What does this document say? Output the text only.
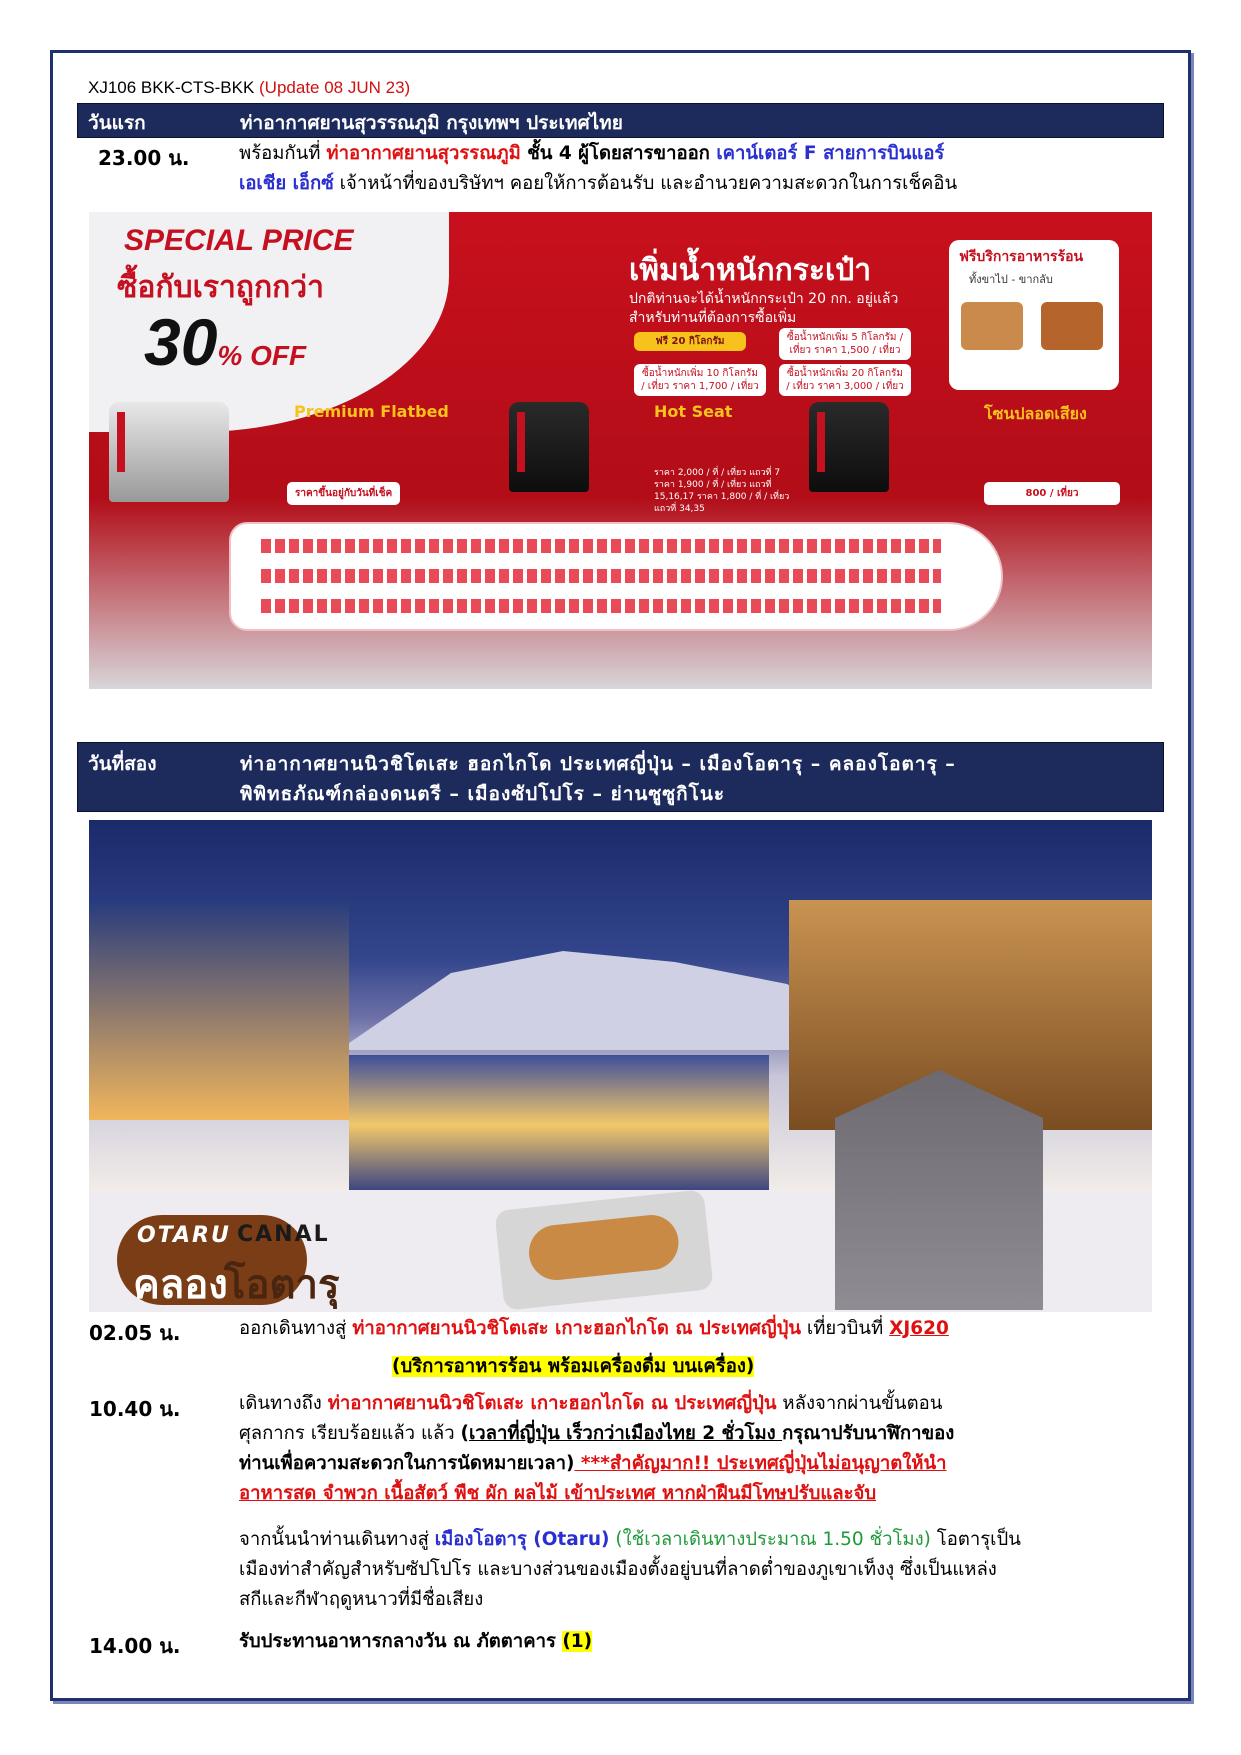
XJ106 BKK-CTS-BKK (Update 08 JUN 23)
วันแรก	ท่าอากาศยานสุวรรณภูมิ กรุงเทพฯ ประเทศไทย
23.00 น.	พร้อมกันที่ ท่าอากาศยานสุวรรณภูมิ ชั้น 4 ผู้โดยสารขาออก เคาน์เตอร์ F สายการบินแอร์
เอเชีย เอ็กซ์ เจ้าหน้าที่ของบริษัทฯ คอยให้การต้อนรับ และอำนวยความสะดวกในการเช็คอิน
SPECIAL PRICE
ซื้อกับเราถูกกว่า
30% OFF
เพิ่มน้ำหนักกระเป๋า
ปกติท่านจะได้น้ำหนักกระเป๋า 20 กก. อยู่แล้ว สำหรับท่านที่ต้องการซื้อเพิ่ม
ฟรี 20 กิโลกรัม	ซื้อน้ำหนักเพิ่ม 5 กิโลกรัม / เที่ยว ราคา 1,500 / เที่ยว
ซื้อน้ำหนักเพิ่ม 10 กิโลกรัม / เที่ยว ราคา 1,700 / เที่ยว
ซื้อน้ำหนักเพิ่ม 20 กิโลกรัม / เที่ยว ราคา 3,000 / เที่ยว
ฟรีบริการอาหารร้อน
ทั้งขาไป - ขากลับ
Premium Flatbed
ราคาขึ้นอยู่กับวันที่เช็ค
Hot Seat
ราคา 2,000 / ที่ / เที่ยว แถวที่ 7 ราคา 1,900 / ที่ / เที่ยว แถวที่ 15,16,17 ราคา 1,800 / ที่ / เที่ยว แถวที่ 34,35
โซนปลอดเสียง
800 / เที่ยว
วันที่สอง	ท่าอากาศยานนิวชิโตเสะ ฮอกไกโด ประเทศญี่ปุ่น – เมืองโอตารุ – คลองโอตารุ –
พิพิทธภัณฑ์กล่องดนตรี – เมืองซัปโปโร – ย่านซูซูกิโนะ
OTARU CANAL
คลอง
โอตารุ
02.05 น.	ออกเดินทางสู่ ท่าอากาศยานนิวชิโตเสะ เกาะฮอกไกโด ณ ประเทศญี่ปุ่น เที่ยวบินที่ XJ620
(บริการอาหารร้อน พร้อมเครื่องดื่ม บนเครื่อง)
10.40 น.	เดินทางถึง ท่าอากาศยานนิวชิโตเสะ เกาะฮอกไกโด ณ ประเทศญี่ปุ่น หลังจากผ่านขั้นตอน
ศุลกากร เรียบร้อยแล้ว แล้ว (เวลาที่ญี่ปุ่น เร็วกว่าเมืองไทย 2 ชั่วโมง กรุณาปรับนาฬิกาของ
ท่านเพื่อความสะดวกในการนัดหมายเวลา) ***สำคัญมาก!! ประเทศญี่ปุ่นไม่อนุญาตให้นำ
อาหารสด จำพวก เนื้อสัตว์ พืช ผัก ผลไม้ เข้าประเทศ หากฝ่าฝืนมีโทษปรับและจับ
จากนั้นนำท่านเดินทางสู่ เมืองโอตารุ (Otaru) (ใช้เวลาเดินทางประมาณ 1.50 ชั่วโมง) โอตารุเป็น
เมืองท่าสำคัญสำหรับซัปโปโร และบางส่วนของเมืองตั้งอยู่บนที่ลาดต่ำของภูเขาเท็งงุ ซึ่งเป็นแหล่ง
สกีและกีฬาฤดูหนาวที่มีชื่อเสียง
14.00 น.	รับประทานอาหารกลางวัน ณ ภัตตาคาร (1)
